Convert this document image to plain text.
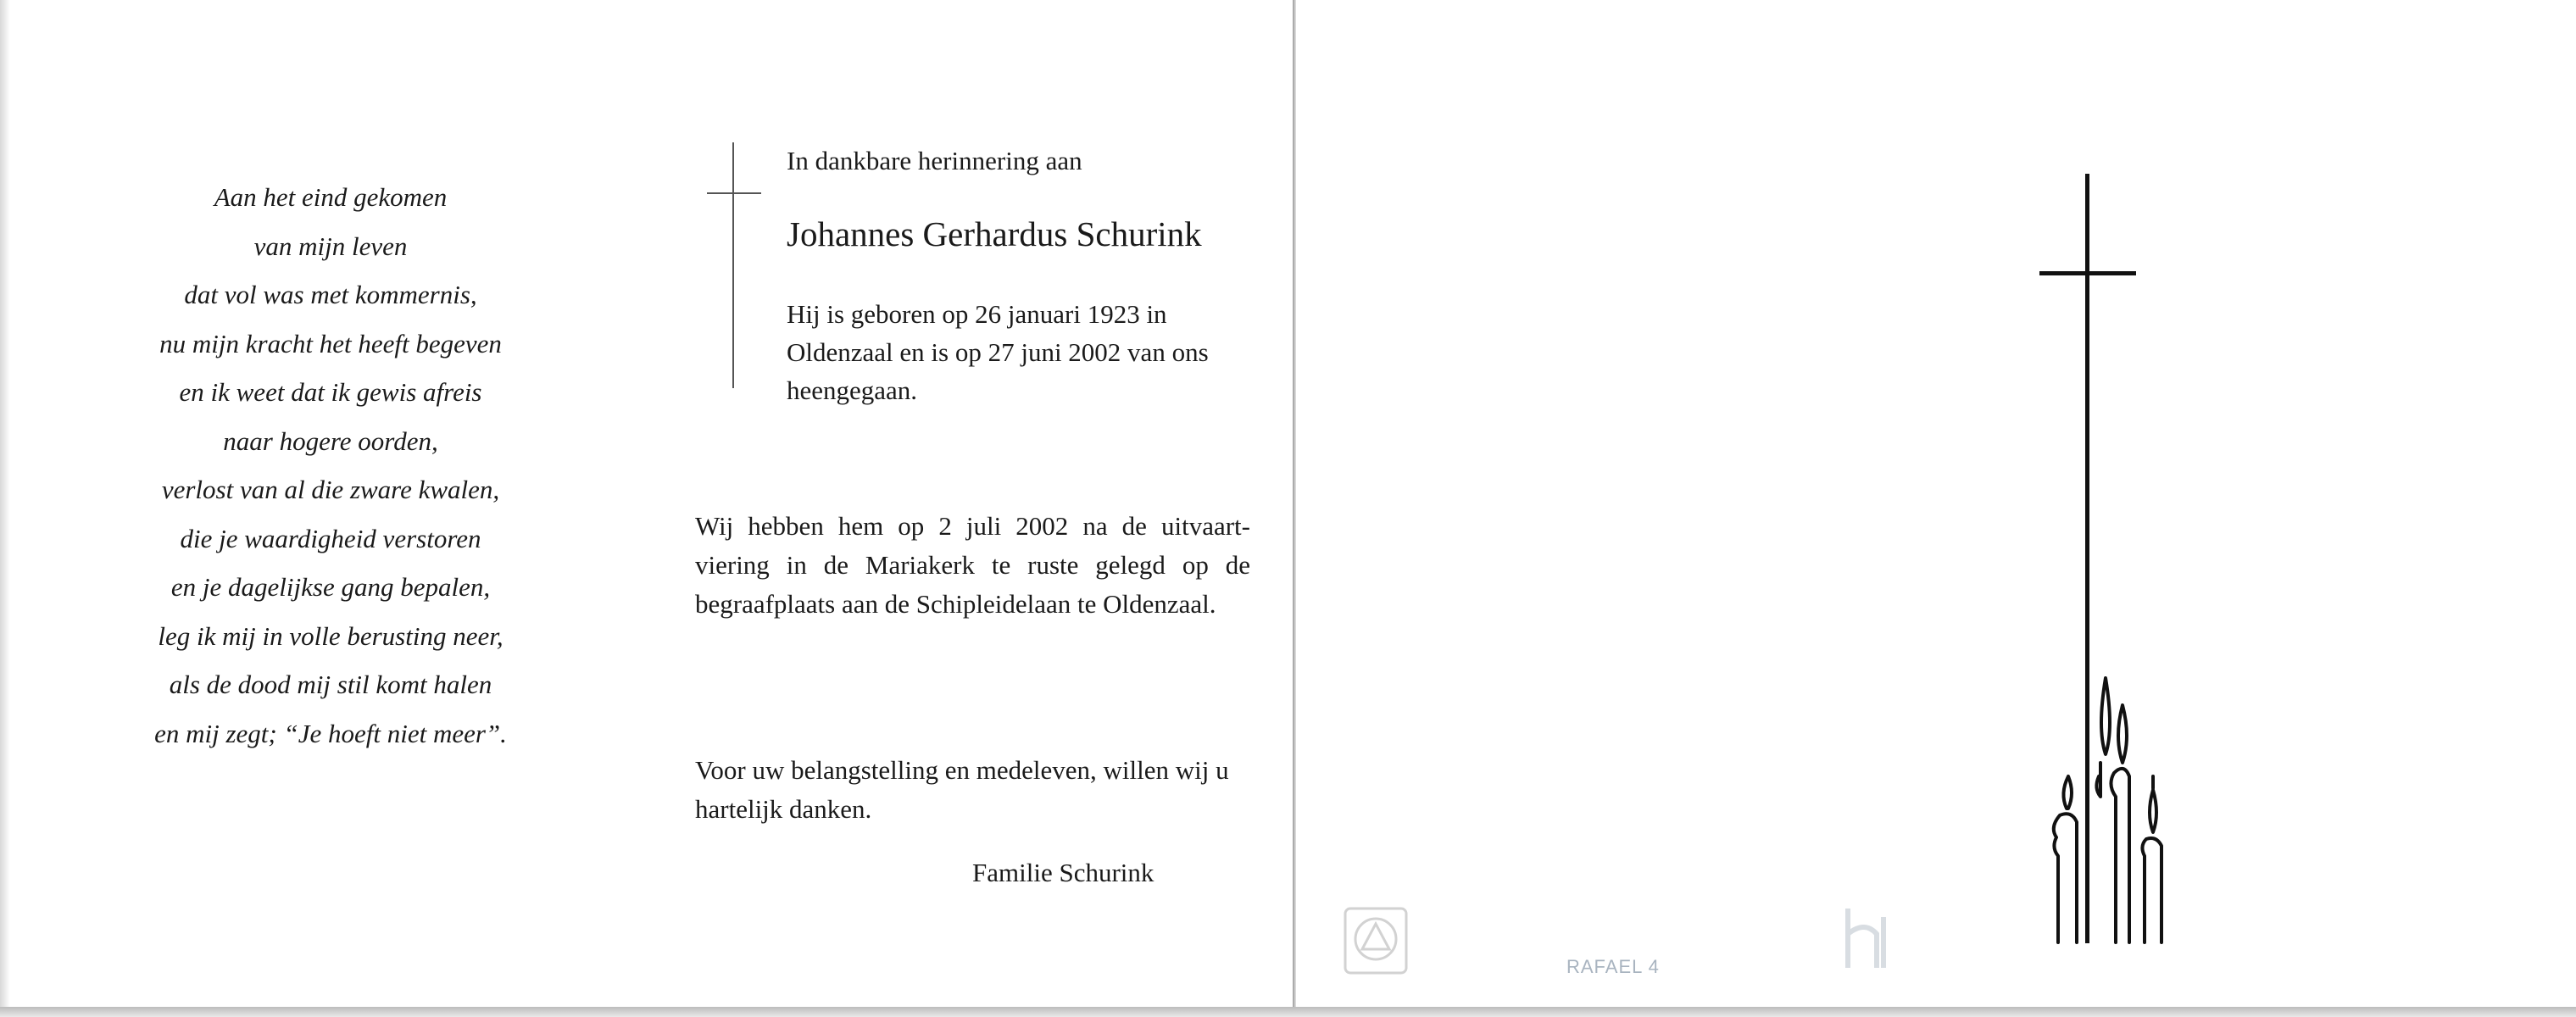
Aan het eind gekomen
van mijn leven
dat vol was met kommernis,
nu mijn kracht het heeft begeven
en ik weet dat ik gewis afreis
naar hogere oorden,
verlost van al die zware kwalen,
die je waardigheid verstoren
en je dagelijkse gang bepalen,
leg ik mij in volle berusting neer,
als de dood mij stil komt halen
en mij zegt; “Je hoeft niet meer”.
In dankbare herinnering aan
Johannes Gerhardus Schurink
Hij is geboren op 26 januari 1923 in Oldenzaal en is op 27 juni 2002 van ons heengegaan.
Wij hebben hem op 2 juli 2002 na de uitvaart-viering in de Mariakerk te ruste gelegd op de begraafplaats aan de Schipleidelaan te Oldenzaal.
Voor uw belangstelling en medeleven, willen wij u hartelijk danken.
Familie Schurink
RAFAEL 4
